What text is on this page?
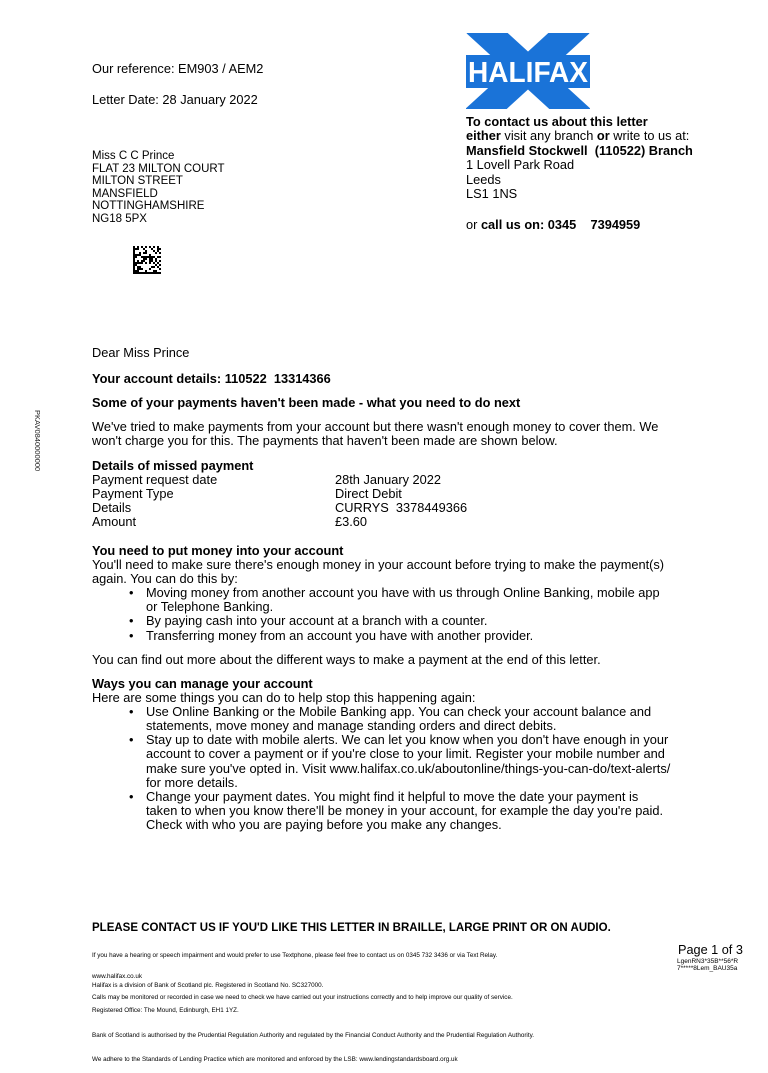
Our reference: EM903 / AEM2
Letter Date: 28 January 2022
HALIFAX
To contact us about this letter
either visit any branch or write to us at:
Mansfield Stockwell  (110522) Branch
1 Lovell Park Road
Leeds
LS1 1NS
or call us on: 0345    7394959
Miss C C Prince
FLAT 23 MILTON COURT
MILTON STREET
MANSFIELD
NOTTINGHAMSHIRE
NG18 5PX
PKAV0840000000
Dear Miss Prince
Your account details: 110522  13314366
Some of your payments haven't been made - what you need to do next
We've tried to make payments from your account but there wasn't enough money to cover them. We
won't charge you for this. The payments that haven't been made are shown below.
Details of missed payment
Payment request date	28th January 2022
Payment Type	Direct Debit
Details	CURRYS  3378449366
Amount	£3.60
You need to put money into your account
You'll need to make sure there's enough money in your account before trying to make the payment(s)
again. You can do this by:
• Moving money from another account you have with us through Online Banking, mobile app
or Telephone Banking.
• By paying cash into your account at a branch with a counter.
• Transferring money from an account you have with another provider.
You can find out more about the different ways to make a payment at the end of this letter.
Ways you can manage your account
Here are some things you can do to help stop this happening again:
• Use Online Banking or the Mobile Banking app. You can check your account balance and
statements, move money and manage standing orders and direct debits.
• Stay up to date with mobile alerts. We can let you know when you don't have enough in your
account to cover a payment or if you're close to your limit. Register your mobile number and
make sure you've opted in. Visit www.halifax.co.uk/aboutonline/things-you-can-do/text-alerts/
for more details.
• Change your payment dates. You might find it helpful to move the date your payment is
taken to when you know there'll be money in your account, for example the day you're paid.
Check with who you are paying before you make any changes.
PLEASE CONTACT US IF YOU'D LIKE THIS LETTER IN BRAILLE, LARGE PRINT OR ON AUDIO.

If you have a hearing or speech impairment and would prefer to use Textphone, please feel free to contact us on 0345 732 3436 or via Text Relay.

www.halifax.co.uk

Calls may be monitored or recorded in case we need to check we have carried out your instructions correctly and to help improve our quality of service.

Halifax is a division of Bank of Scotland plc. Registered in Scotland No. SC327000.

Registered Office: The Mound, Edinburgh, EH1 1YZ.

Bank of Scotland is authorised by the Prudential Regulation Authority and regulated by the Financial Conduct Authority and the Prudential Regulation Authority.

We adhere to the Standards of Lending Practice which are monitored and enforced by the LSB: www.lendingstandardsboard.org.uk

Page 1 of 3
LgenRN3*35B**56*R
7*****8Lem_BAU35a
